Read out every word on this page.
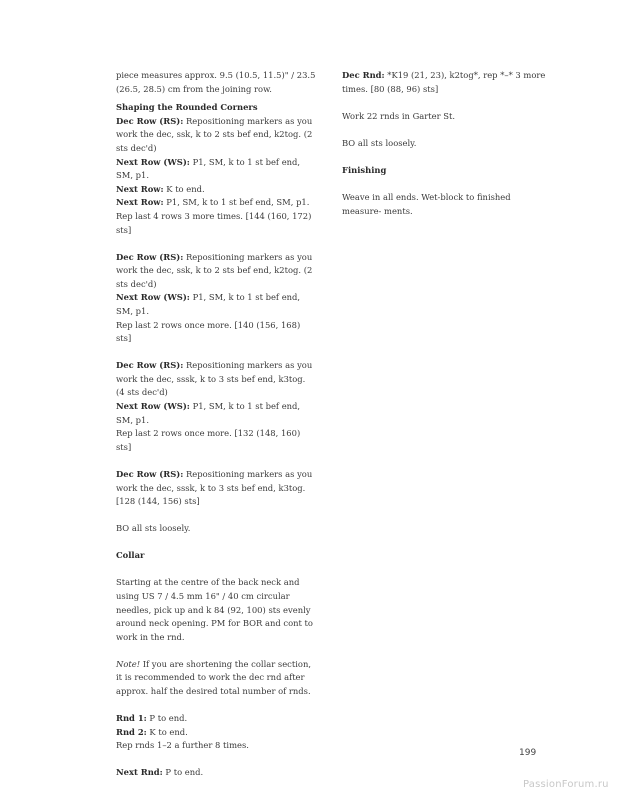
piece measures approx. 9.5 (10.5, 11.5)" / 23.5 (26.5, 28.5) cm from the joining row.

Shaping the Rounded Corners

Dec Row (RS): Repositioning markers as you work the dec, ssk, k to 2 sts bef end, k2tog. (2 sts dec'd)

Next Row (WS): P1, SM, k to 1 st bef end, SM, p1.

Next Row: K to end.

Next Row: P1, SM, k to 1 st bef end, SM, p1.

Rep last 4 rows 3 more times. [144 (160, 172) sts]

Dec Row (RS): Repositioning markers as you work the dec, ssk, k to 2 sts bef end, k2tog. (2 sts dec'd)

Next Row (WS): P1, SM, k to 1 st bef end, SM, p1.

Rep last 2 rows once more. [140 (156, 168) sts]

Dec Row (RS): Repositioning markers as you work the dec, sssk, k to 3 sts bef end, k3tog. (4 sts dec'd)

Next Row (WS): P1, SM, k to 1 st bef end, SM, p1.

Rep last 2 rows once more. [132 (148, 160) sts]

Dec Row (RS): Repositioning markers as you work the dec, sssk, k to 3 sts bef end, k3tog. [128 (144, 156) sts]

BO all sts loosely.

Collar

Starting at the centre of the back neck and using US 7 / 4.5 mm 16" / 40 cm circular needles, pick up and k 84 (92, 100) sts evenly around neck opening. PM for BOR and cont to work in the rnd.

Note! If you are shortening the collar section, it is recommended to work the dec rnd after approx. half the desired total number of rnds.

Rnd 1: P to end.

Rnd 2: K to end.

Rep rnds 1–2 a further 8 times.

Next Rnd: P to end.

Dec Rnd: *K19 (21, 23), k2tog*, rep *–* 3 more times. [80 (88, 96) sts]

Work 22 rnds in Garter St.

BO all sts loosely.

Finishing

Weave in all ends. Wet-block to finished measure- ments.

199
PassionForum.ru
